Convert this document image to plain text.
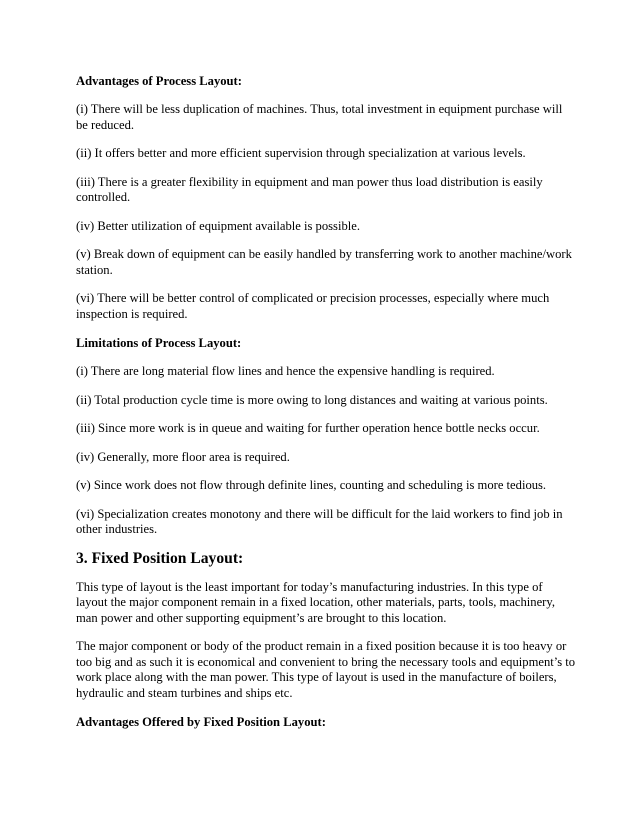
Advantages of Process Layout:
(i) There will be less duplication of machines. Thus, total investment in equipment purchase will be reduced.
(ii) It offers better and more efficient supervision through specialization at various levels.
(iii) There is a greater flexibility in equipment and man power thus load distribution is easily controlled.
(iv) Better utilization of equipment available is possible.
(v) Break down of equipment can be easily handled by transferring work to another machine/work station.
(vi) There will be better control of complicated or precision processes, especially where much inspection is required.
Limitations of Process Layout:
(i) There are long material flow lines and hence the expensive handling is required.
(ii) Total production cycle time is more owing to long distances and waiting at various points.
(iii) Since more work is in queue and waiting for further operation hence bottle necks occur.
(iv) Generally, more floor area is required.
(v) Since work does not flow through definite lines, counting and scheduling is more tedious.
(vi) Specialization creates monotony and there will be difficult for the laid workers to find job in other industries.
3. Fixed Position Layout:
This type of layout is the least important for today’s manufacturing industries. In this type of layout the major component remain in a fixed location, other materials, parts, tools, machinery, man power and other supporting equipment’s are brought to this location.
The major component or body of the product remain in a fixed position because it is too heavy or too big and as such it is economical and convenient to bring the necessary tools and equipment’s to work place along with the man power. This type of layout is used in the manufacture of boilers, hydraulic and steam turbines and ships etc.
Advantages Offered by Fixed Position Layout:
